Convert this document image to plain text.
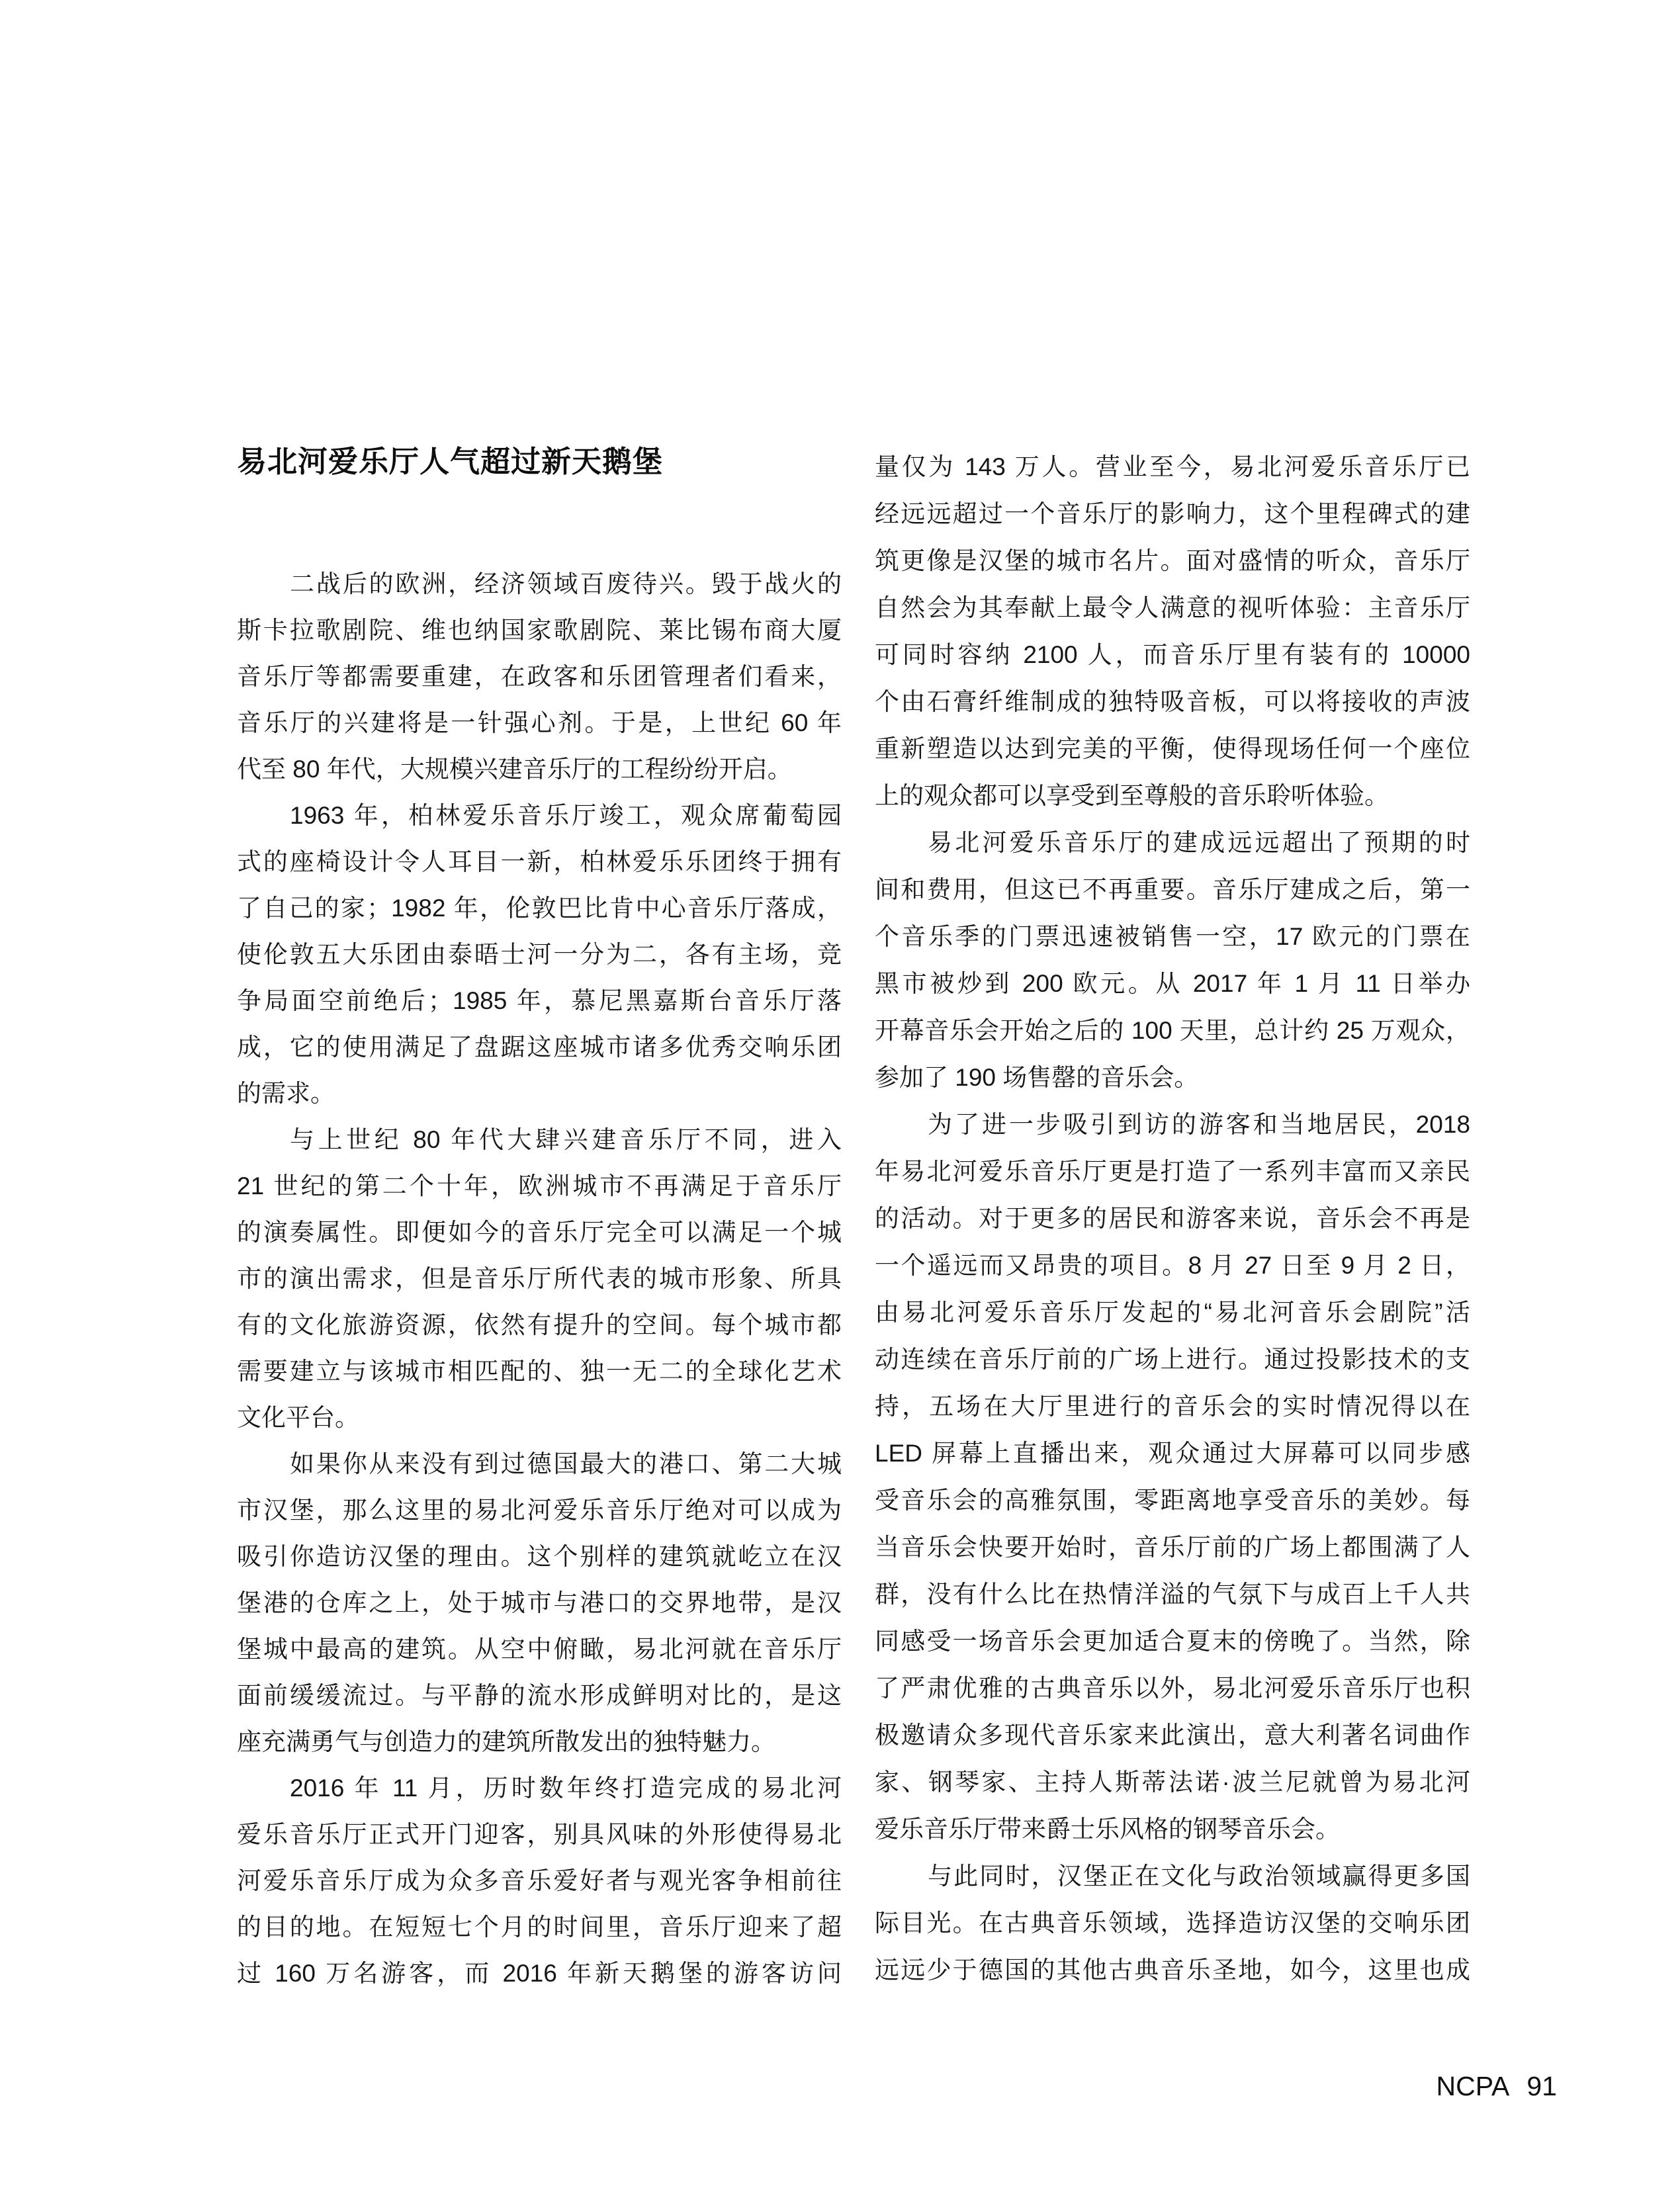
易北河爱乐厅人气超过新天鹅堡
二战后的欧洲，经济领域百废待兴。毁于战火的
斯卡拉歌剧院、维也纳国家歌剧院、莱比锡布商大厦
音乐厅等都需要重建，在政客和乐团管理者们看来，
音乐厅的兴建将是一针强心剂。于是，上世纪 60 年
代至 80 年代，大规模兴建音乐厅的工程纷纷开启。
1963 年，柏林爱乐音乐厅竣工，观众席葡萄园
式的座椅设计令人耳目一新，柏林爱乐乐团终于拥有
了自己的家；1982 年，伦敦巴比肯中心音乐厅落成，
使伦敦五大乐团由泰晤士河一分为二，各有主场，竞
争局面空前绝后；1985 年，慕尼黑嘉斯台音乐厅落
成，它的使用满足了盘踞这座城市诸多优秀交响乐团
的需求。
与上世纪 80 年代大肆兴建音乐厅不同，进入
21 世纪的第二个十年，欧洲城市不再满足于音乐厅
的演奏属性。即便如今的音乐厅完全可以满足一个城
市的演出需求，但是音乐厅所代表的城市形象、所具
有的文化旅游资源，依然有提升的空间。每个城市都
需要建立与该城市相匹配的、独一无二的全球化艺术
文化平台。
如果你从来没有到过德国最大的港口、第二大城
市汉堡，那么这里的易北河爱乐音乐厅绝对可以成为
吸引你造访汉堡的理由。这个别样的建筑就屹立在汉
堡港的仓库之上，处于城市与港口的交界地带，是汉
堡城中最高的建筑。从空中俯瞰，易北河就在音乐厅
面前缓缓流过。与平静的流水形成鲜明对比的，是这
座充满勇气与创造力的建筑所散发出的独特魅力。
2016 年 11 月，历时数年终打造完成的易北河
爱乐音乐厅正式开门迎客，别具风味的外形使得易北
河爱乐音乐厅成为众多音乐爱好者与观光客争相前往
的目的地。在短短七个月的时间里，音乐厅迎来了超
过 160 万名游客，而 2016 年新天鹅堡的游客访问
量仅为 143 万人。营业至今，易北河爱乐音乐厅已
经远远超过一个音乐厅的影响力，这个里程碑式的建
筑更像是汉堡的城市名片。面对盛情的听众，音乐厅
自然会为其奉献上最令人满意的视听体验：主音乐厅
可同时容纳 2100 人，而音乐厅里有装有的 10000
个由石膏纤维制成的独特吸音板，可以将接收的声波
重新塑造以达到完美的平衡，使得现场任何一个座位
上的观众都可以享受到至尊般的音乐聆听体验。
易北河爱乐音乐厅的建成远远超出了预期的时
间和费用，但这已不再重要。音乐厅建成之后，第一
个音乐季的门票迅速被销售一空，17 欧元的门票在
黑市被炒到 200 欧元。从 2017 年 1 月 11 日举办
开幕音乐会开始之后的 100 天里，总计约 25 万观众，
参加了 190 场售罄的音乐会。
为了进一步吸引到访的游客和当地居民，2018
年易北河爱乐音乐厅更是打造了一系列丰富而又亲民
的活动。对于更多的居民和游客来说，音乐会不再是
一个遥远而又昂贵的项目。8 月 27 日至 9 月 2 日，
由易北河爱乐音乐厅发起的“易北河音乐会剧院”活
动连续在音乐厅前的广场上进行。通过投影技术的支
持，五场在大厅里进行的音乐会的实时情况得以在
LED 屏幕上直播出来，观众通过大屏幕可以同步感
受音乐会的高雅氛围，零距离地享受音乐的美妙。每
当音乐会快要开始时，音乐厅前的广场上都围满了人
群，没有什么比在热情洋溢的气氛下与成百上千人共
同感受一场音乐会更加适合夏末的傍晚了。当然，除
了严肃优雅的古典音乐以外，易北河爱乐音乐厅也积
极邀请众多现代音乐家来此演出，意大利著名词曲作
家、钢琴家、主持人斯蒂法诺·波兰尼就曾为易北河
爱乐音乐厅带来爵士乐风格的钢琴音乐会。
与此同时，汉堡正在文化与政治领域赢得更多国
际目光。在古典音乐领域，选择造访汉堡的交响乐团
远远少于德国的其他古典音乐圣地，如今，这里也成
NCPA 91
